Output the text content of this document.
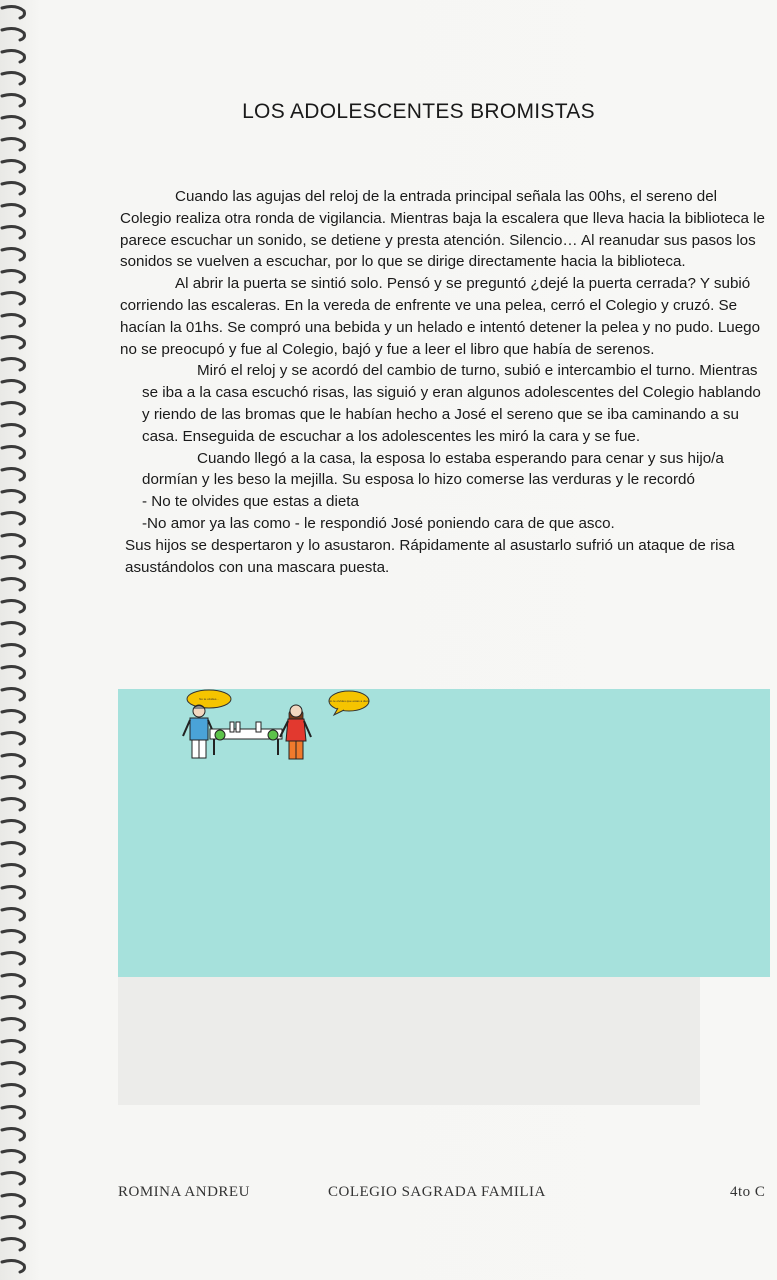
LOS ADOLESCENTES BROMISTAS

Cuando las agujas del reloj de la entrada principal señala las 00hs, el sereno del Colegio realiza otra ronda de vigilancia. Mientras baja la escalera que lleva hacia la biblioteca le parece escuchar un sonido, se detiene y presta atención. Silencio… Al reanudar sus pasos los sonidos se vuelven a escuchar, por lo que se dirige directamente hacia la biblioteca.

Al abrir la puerta se sintió solo. Pensó y se preguntó ¿dejé la puerta cerrada? Y subió corriendo las escaleras. En la vereda de enfrente ve una pelea, cerró el Colegio y cruzó. Se hacían la 01hs. Se compró una bebida y un helado e intentó detener la pelea y no pudo. Luego no se preocupó y fue al Colegio, bajó y fue a leer el libro que había de serenos.

Miró el reloj y se acordó del cambio de turno, subió e intercambio el turno. Mientras se iba a la casa escuchó risas, las siguió y eran algunos adolescentes del Colegio hablando y riendo de las bromas que le habían hecho a José el sereno que se iba caminando a su casa. Enseguida de escuchar a los adolescentes les miró la cara y se fue.

Cuando llegó a la casa, la esposa lo estaba esperando para cenar y sus hijo/a dormían y les beso la mejilla. Su esposa lo hizo comerse las verduras y le recordó

- No te olvides que estas a dieta

-No amor ya las como - le respondió José poniendo cara de que asco.

Sus hijos se despertaron y lo asustaron. Rápidamente al asustarlo sufrió un ataque de risa asustándolos con una mascara puesta.

No te olvides...	No te olvides que estas a dieta
ROMINA ANDREU	COLEGIO SAGRADA FAMILIA	4to C
